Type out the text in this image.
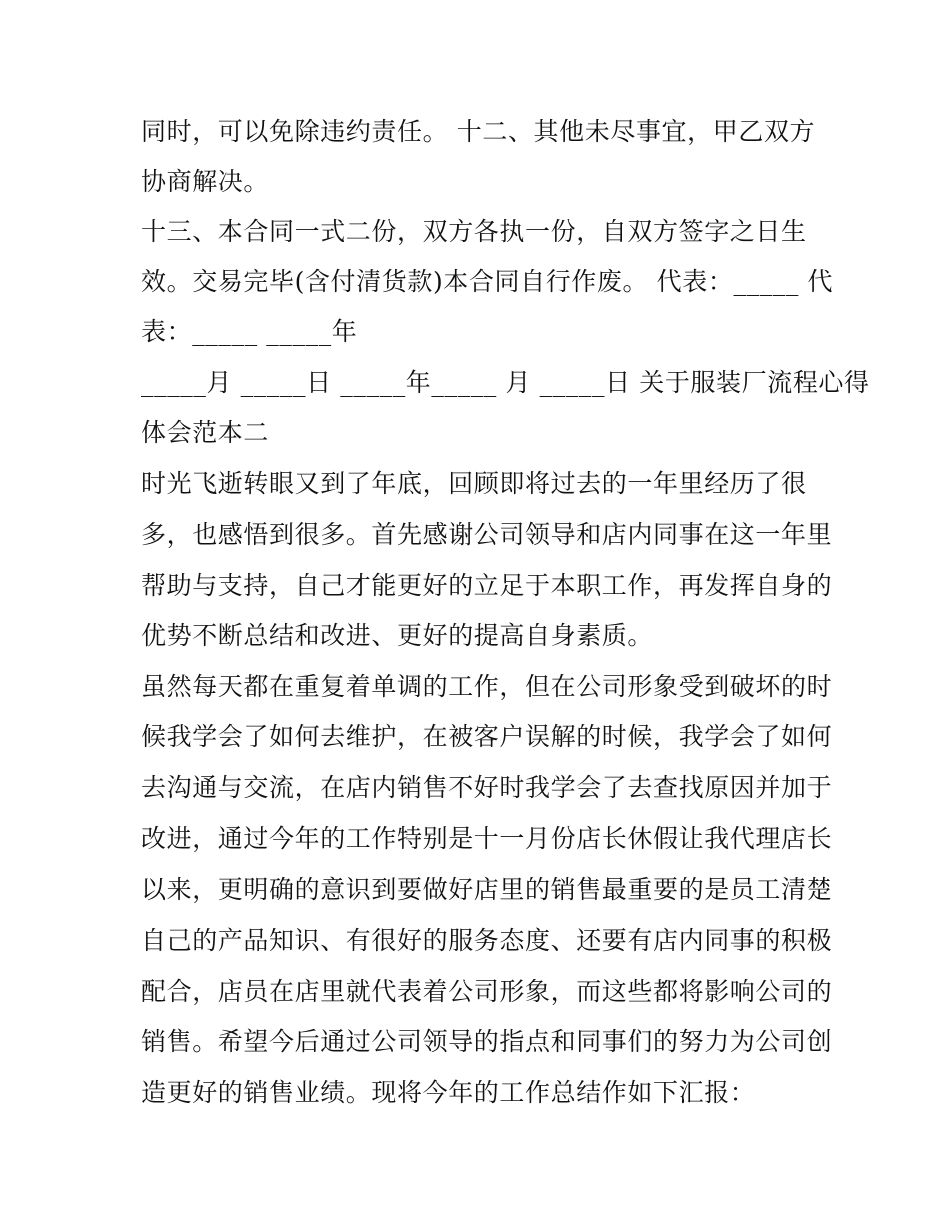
同时，可以免除违约责任。 十二、其他未尽事宜，甲乙双方
协商解决。
十三、本合同一式二份，双方各执一份，自双方签字之日生
效。交易完毕(含付清货款)本合同自行作废。 代表：_____ 代
表：_____ _____年
_____月 _____日 _____年_____ 月 _____日 关于服装厂流程心得
体会范本二
时光飞逝转眼又到了年底，回顾即将过去的一年里经历了很
多，也感悟到很多。首先感谢公司领导和店内同事在这一年里
帮助与支持，自己才能更好的立足于本职工作，再发挥自身的
优势不断总结和改进、更好的提高自身素质。
虽然每天都在重复着单调的工作，但在公司形象受到破坏的时
候我学会了如何去维护，在被客户误解的时候，我学会了如何
去沟通与交流，在店内销售不好时我学会了去查找原因并加于
改进，通过今年的工作特别是十一月份店长休假让我代理店长
以来，更明确的意识到要做好店里的销售最重要的是员工清楚
自己的产品知识、有很好的服务态度、还要有店内同事的积极
配合，店员在店里就代表着公司形象，而这些都将影响公司的
销售。希望今后通过公司领导的指点和同事们的努力为公司创
造更好的销售业绩。现将今年的工作总结作如下汇报：
